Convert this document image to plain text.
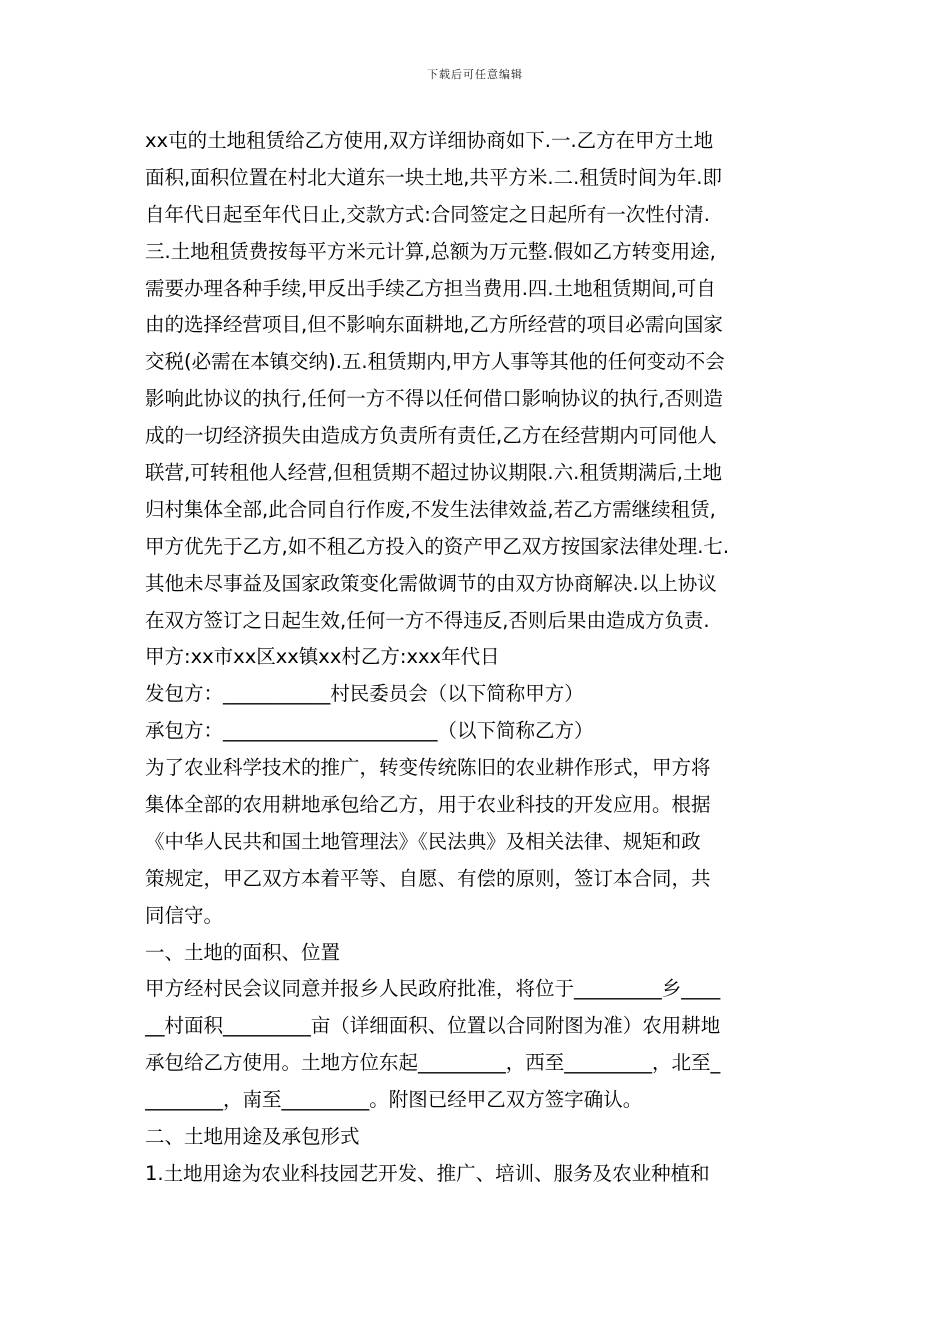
下载后可任意编辑
xx屯的土地租赁给乙方使用,双方详细协商如下.一.乙方在甲方土地
面积,面积位置在村北大道东一块土地,共平方米.二.租赁时间为年.即
自年代日起至年代日止,交款方式:合同签定之日起所有一次性付清.
三.土地租赁费按每平方米元计算,总额为万元整.假如乙方转变用途,
需要办理各种手续,甲反出手续乙方担当费用.四.土地租赁期间,可自
由的选择经营项目,但不影响东面耕地,乙方所经营的项目必需向国家
交税(必需在本镇交纳).五.租赁期内,甲方人事等其他的任何变动不会
影响此协议的执行,任何一方不得以任何借口影响协议的执行,否则造
成的一切经济损失由造成方负责所有责任,乙方在经营期内可同他人
联营,可转租他人经营,但租赁期不超过协议期限.六.租赁期满后,土地
归村集体全部,此合同自行作废,不发生法律效益,若乙方需继续租赁,
甲方优先于乙方,如不租乙方投入的资产甲乙双方按国家法律处理.七.
其他未尽事益及国家政策变化需做调节的由双方协商解决.以上协议
在双方签订之日起生效,任何一方不得违反,否则后果由造成方负责.
甲方:xx市xx区xx镇xx村乙方:xxx年代日
发包方：___________村民委员会（以下简称甲方）
承包方：______________________（以下简称乙方）
为了农业科学技术的推广，转变传统陈旧的农业耕作形式，甲方将
集体全部的农用耕地承包给乙方，用于农业科技的开发应用。根据
《中华人民共和国土地管理法》《民法典》及相关法律、规矩和政
策规定，甲乙双方本着平等、自愿、有偿的原则，签订本合同，共
同信守。
一、土地的面积、位置
甲方经村民会议同意并报乡人民政府批准，将位于_________乡____
__村面积_________亩（详细面积、位置以合同附图为准）农用耕地
承包给乙方使用。土地方位东起_________，西至_________，北至_
________，南至_________。附图已经甲乙双方签字确认。
二、土地用途及承包形式
1.土地用途为农业科技园艺开发、推广、培训、服务及农业种植和
